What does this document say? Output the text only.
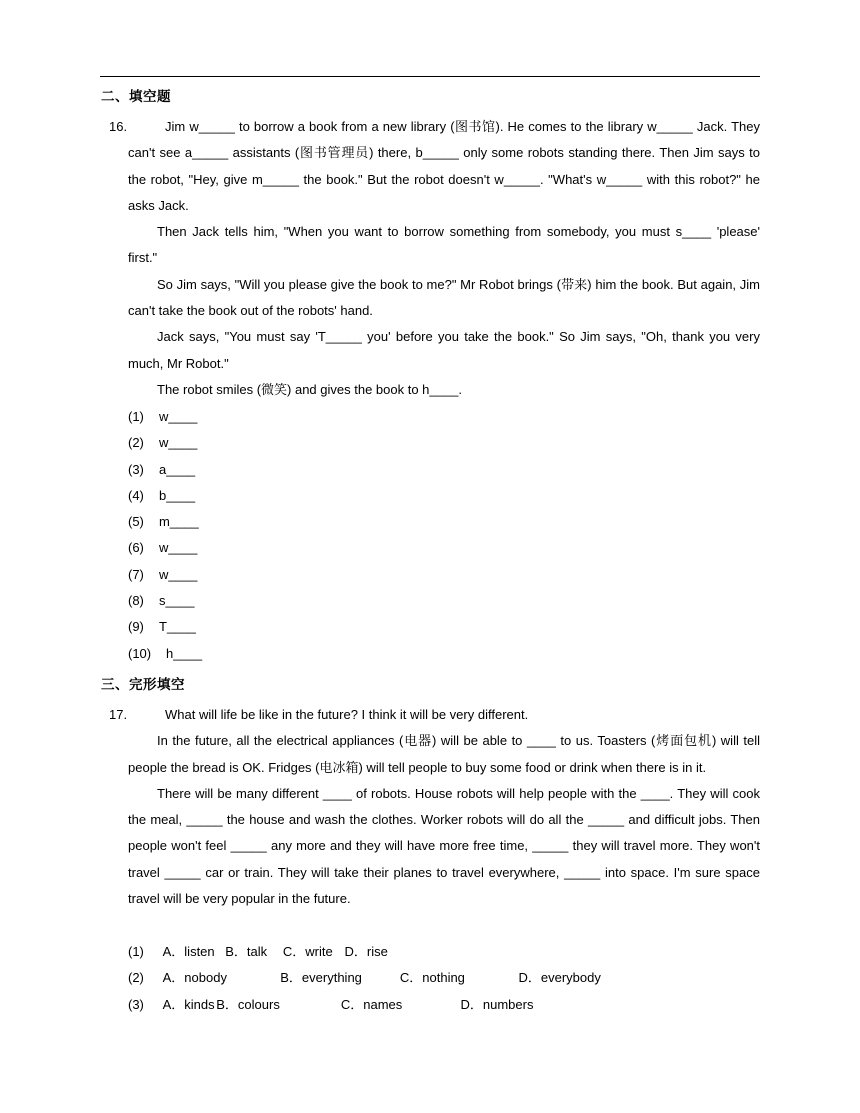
二、填空题
16.	Jim w_____ to borrow a book from a new library (图书馆). He comes to the library w_____ Jack. They can't see a_____ assistants (图书管理员) there, b_____ only some robots standing there. Then Jim says to the robot, "Hey, give m_____ the book." But the robot doesn't w_____. "What's w_____ with this robot?" he asks Jack.

Then Jack tells him, "When you want to borrow something from somebody, you must s____ 'please' first."

So Jim says, "Will you please give the book to me?" Mr Robot brings (带来) him the book. But again, Jim can't take the book out of the robots' hand.

Jack says, "You must say 'T_____ you' before you take the book." So Jim says, "Oh, thank you very much, Mr Robot."

The robot smiles (微笑) and gives the book to h____.

(1) w____
(2) w____
(3) a____
(4) b____
(5) m____
(6) w____
(7) w____
(8) s____
(9) T____
(10) h____
三、完形填空
17.	What will life be like in the future? I think it will be very different.

In the future, all the electrical appliances (电器) will be able to ____ to us. Toasters (烤面包机) will tell people the bread is OK. Fridges (电冰箱) will tell people to buy some food or drink when there is in it.

There will be many different ____ of robots. House robots will help people with the ____. They will cook the meal, _____ the house and wash the clothes. Worker robots will do all the _____ and difficult jobs. Then people won't feel _____ any more and they will have more free time, _____ they will travel more. They won't travel _____ car or train. They will take their planes to travel everywhere, _____ into space. I'm sure space travel will be very popular in the future.

(1) A．listen B．talk C．write D．rise
(2) A．nobody	B．everything	C．nothing	D．everybody
(3) A．kinds B．colours	C．names	D．numbers
